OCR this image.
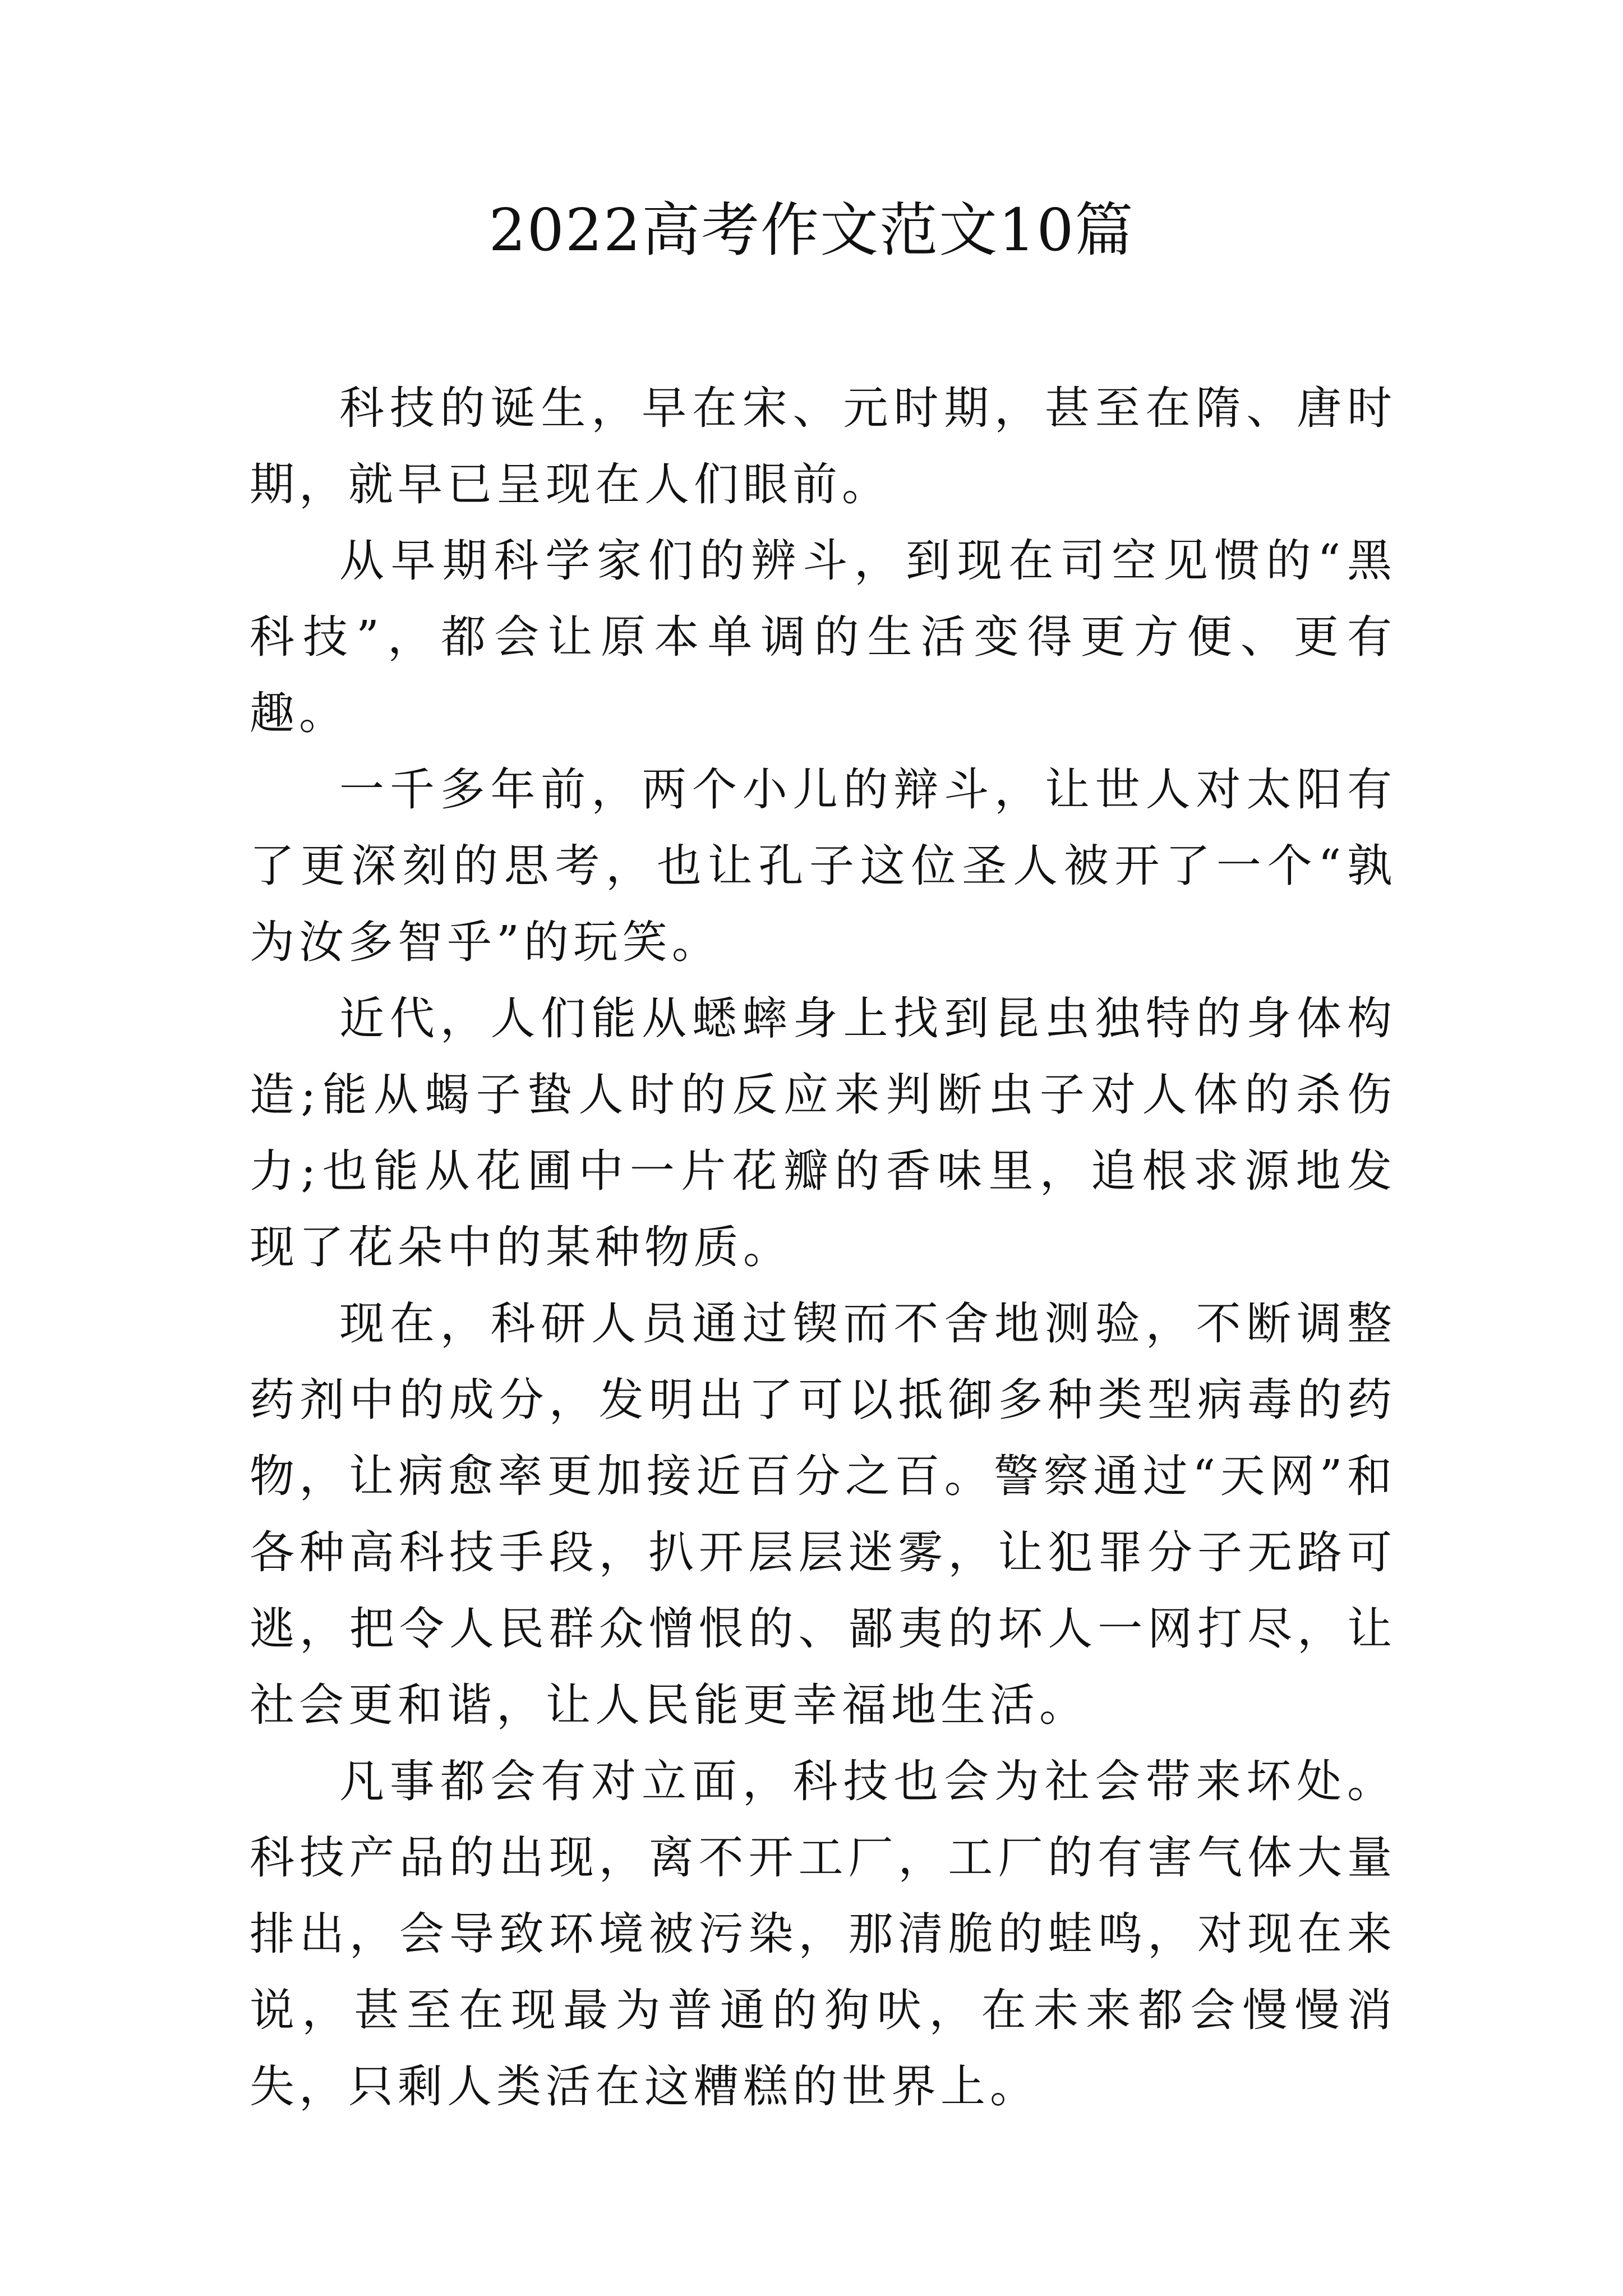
2022高考作文范文10篇

科技的诞生，早在宋、元时期，甚至在隋、唐时期，就早已呈现在人们眼前。

从早期科学家们的辨斗，到现在司空见惯的“黑科技”，都会让原本单调的生活变得更方便、更有趣。

一千多年前，两个小儿的辩斗，让世人对太阳有了更深刻的思考，也让孔子这位圣人被开了一个“孰为汝多智乎”的玩笑。

近代，人们能从蟋蟀身上找到昆虫独特的身体构造;能从蝎子蛰人时的反应来判断虫子对人体的杀伤力;也能从花圃中一片花瓣的香味里，追根求源地发现了花朵中的某种物质。

现在，科研人员通过锲而不舍地测验，不断调整药剂中的成分，发明出了可以抵御多种类型病毒的药物，让病愈率更加接近百分之百。警察通过“天网”和各种高科技手段，扒开层层迷雾，让犯罪分子无路可逃，把令人民群众憎恨的、鄙夷的坏人一网打尽，让社会更和谐，让人民能更幸福地生活。

凡事都会有对立面，科技也会为社会带来坏处。科技产品的出现，离不开工厂，工厂的有害气体大量排出，会导致环境被污染，那清脆的蛙鸣，对现在来说，甚至在现最为普通的狗吠，在未来都会慢慢消失，只剩人类活在这糟糕的世界上。
